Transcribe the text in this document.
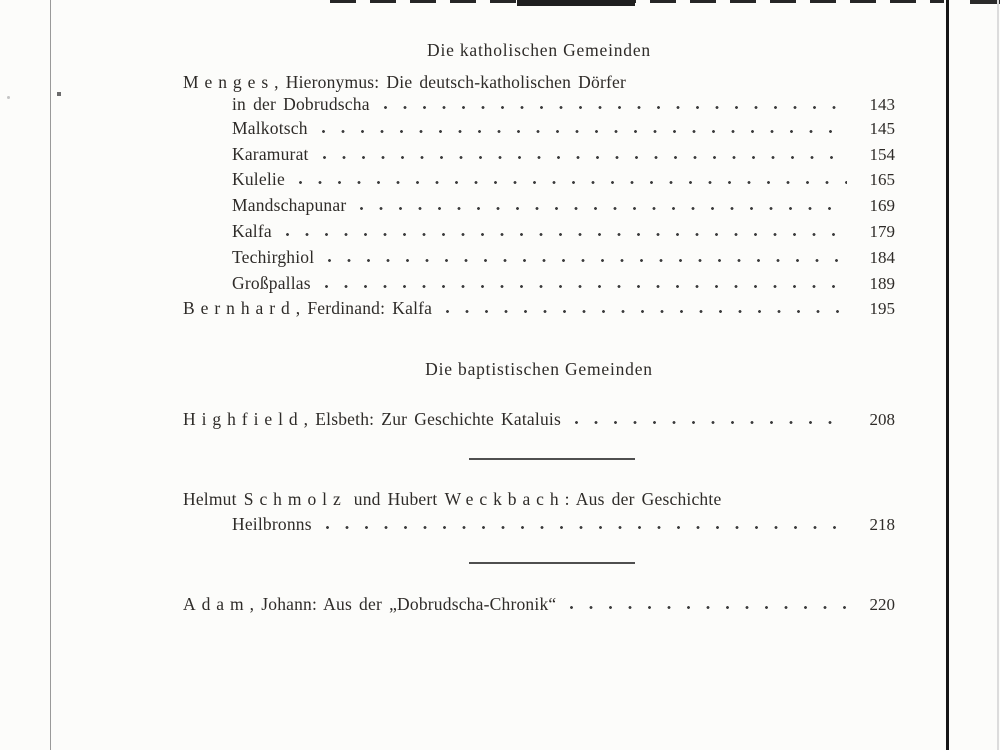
Die katholischen Gemeinden
Menges , Hieronymus: Die deutsch-katholischen Dörfer
in der Dobrudscha	143
Malkotsch	145
Karamurat	154
Kulelie	165
Mandschapunar	169
Kalfa	179
Techirghiol	184
Großpallas	189
Bernhard , Ferdinand: Kalfa	195
Die baptistischen Gemeinden
Highfield , Elsbeth: Zur Geschichte Kataluis	208
Helmut Schmolz und Hubert Weckbach : Aus der Geschichte
Heilbronns	218
Adam , Johann: Aus der „Dobrudscha-Chronik“	220
